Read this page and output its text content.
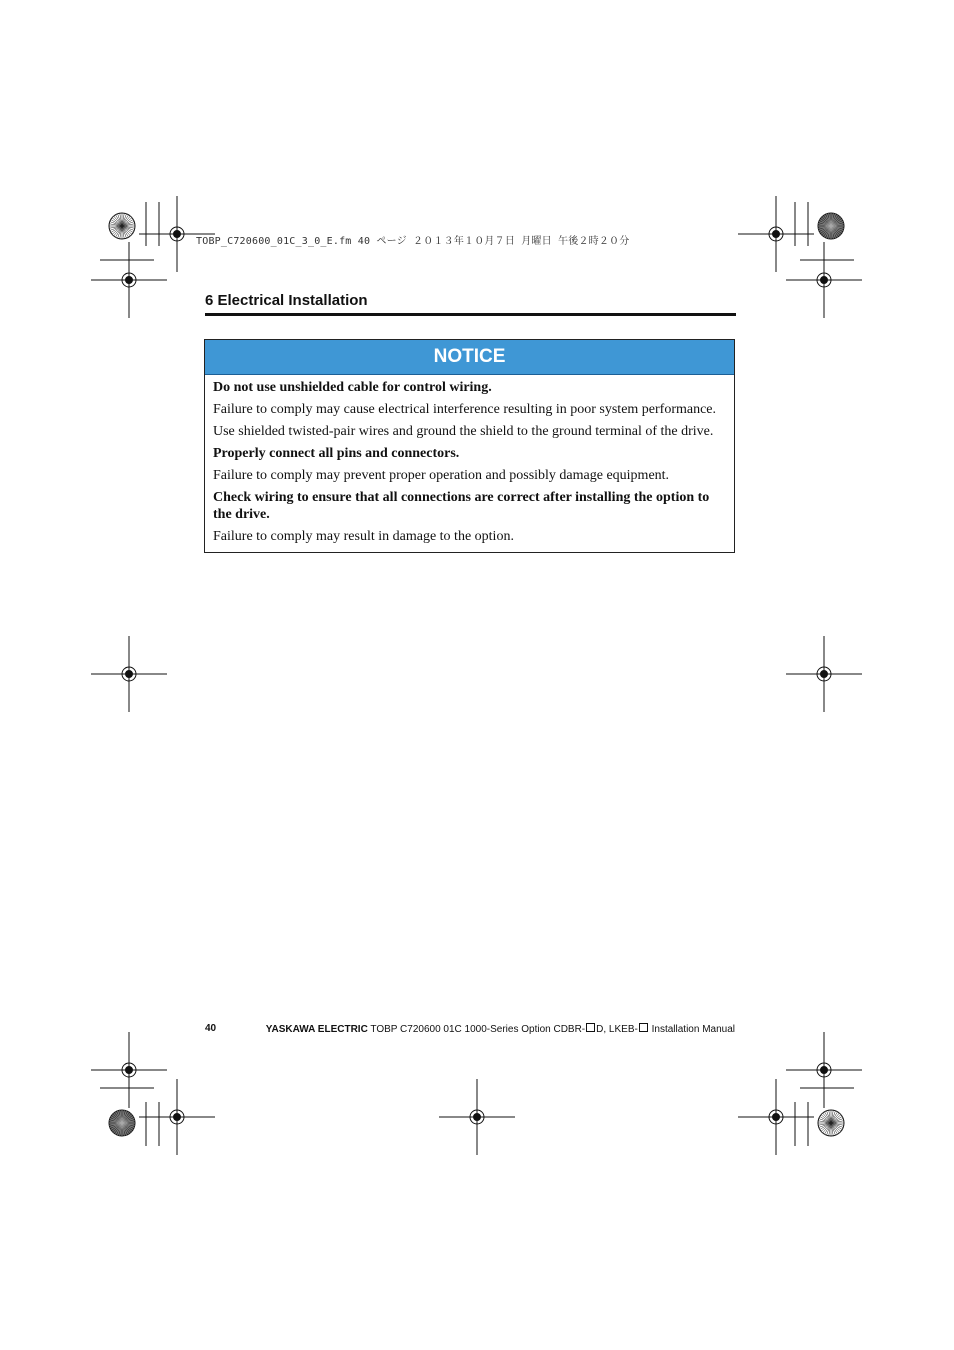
TOBP_C720600_01C_3_0_E.fm 40 ページ ２０１３年１０月７日 月曜日 午後２時２０分
6 Electrical Installation
NOTICE

Do not use unshielded cable for control wiring.

Failure to comply may cause electrical interference resulting in poor system performance.

Use shielded twisted-pair wires and ground the shield to the ground terminal of the drive.

Properly connect all pins and connectors.

Failure to comply may prevent proper operation and possibly damage equipment.

Check wiring to ensure that all connections are correct after installing the option to the drive.

Failure to comply may result in damage to the option.

40	YASKAWA ELECTRIC TOBP C720600 01C 1000-Series Option CDBR- D, LKEB- Installation Manual
